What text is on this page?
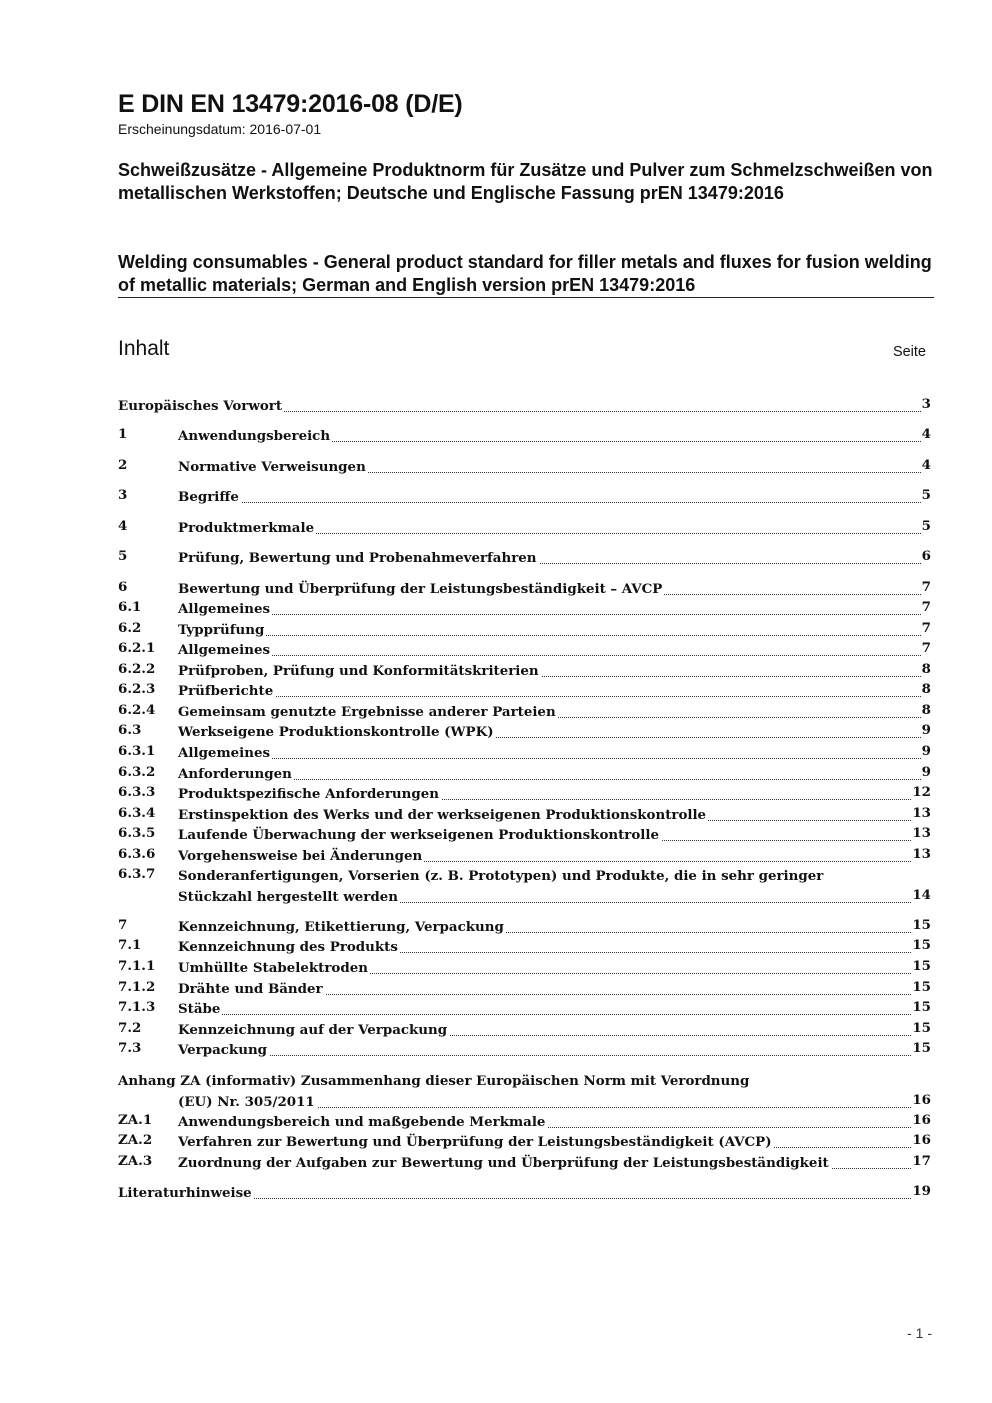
E DIN EN 13479:2016-08 (D/E)
Erscheinungsdatum: 2016-07-01

Schweißzusätze - Allgemeine Produktnorm für Zusätze und Pulver zum Schmelzschweißen von metallischen Werkstoffen; Deutsche und Englische Fassung prEN 13479:2016

Welding consumables - General product standard for filler metals and fluxes for fusion welding of metallic materials; German and English version prEN 13479:2016

Inhalt	Seite
Europäisches Vorwort	3
1	Anwendungsbereich	4
2	Normative Verweisungen	4
3	Begriffe	5
4	Produktmerkmale	5
5	Prüfung, Bewertung und Probenahmeverfahren	6
6	Bewertung und Überprüfung der Leistungsbeständigkeit – AVCP	7
6.1	Allgemeines	7
6.2	Typprüfung	7
6.2.1 Allgemeines	7
6.2.2 Prüfproben, Prüfung und Konformitätskriterien	8
6.2.3 Prüfberichte	8
6.2.4 Gemeinsam genutzte Ergebnisse anderer Parteien	8
6.3	Werkseigene Produktionskontrolle (WPK)	9
6.3.1 Allgemeines	9
6.3.2 Anforderungen	9
6.3.3 Produktspezifische Anforderungen	12
6.3.4 Erstinspektion des Werks und der werkseigenen Produktionskontrolle	13
6.3.5 Laufende Überwachung der werkseigenen Produktionskontrolle	13
6.3.6 Vorgehensweise bei Änderungen	13
6.3.7 Sonderanfertigungen, Vorserien (z. B. Prototypen) und Produkte, die in sehr geringer
Stückzahl hergestellt werden	14
7	Kennzeichnung, Etikettierung, Verpackung	15
7.1	Kennzeichnung des Produkts	15
7.1.1 Umhüllte Stabelektroden	15
7.1.2 Drähte und Bänder	15
7.1.3 Stäbe	15
7.2	Kennzeichnung auf der Verpackung	15
7.3	Verpackung	15
Anhang ZA (informativ) Zusammenhang dieser Europäischen Norm mit Verordnung
(EU) Nr. 305/2011	16
ZA.1 Anwendungsbereich und maßgebende Merkmale	16
ZA.2 Verfahren zur Bewertung und Überprüfung der Leistungsbeständigkeit (AVCP)	16
ZA.3 Zuordnung der Aufgaben zur Bewertung und Überprüfung der Leistungsbeständigkeit	17
Literaturhinweise	19
- 1 -
